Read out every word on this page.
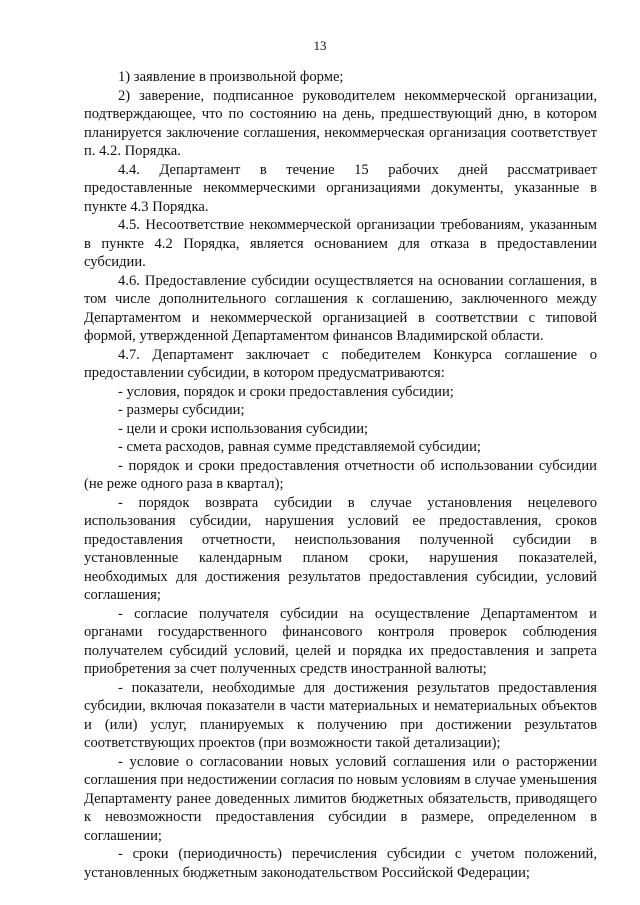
13

1) заявление в произвольной форме;

2) заверение, подписанное руководителем некоммерческой организации, подтверждающее, что по состоянию на день, предшествующий дню, в котором планируется заключение соглашения, некоммерческая организация соответствует п. 4.2. Порядка.

4.4. Департамент в течение 15 рабочих дней рассматривает предоставленные некоммерческими организациями документы, указанные в пункте 4.3 Порядка.

4.5. Несоответствие некоммерческой организации требованиям, указанным в пункте 4.2 Порядка, является основанием для отказа в предоставлении субсидии.

4.6. Предоставление субсидии осуществляется на основании соглашения, в том числе дополнительного соглашения к соглашению, заключенного между Департаментом и некоммерческой организацией в соответствии с типовой формой, утвержденной Департаментом финансов Владимирской области.

4.7. Департамент заключает с победителем Конкурса соглашение о предоставлении субсидии, в котором предусматриваются:

- условия, порядок и сроки предоставления субсидии;

- размеры субсидии;

- цели и сроки использования субсидии;

- смета расходов, равная сумме представляемой субсидии;

- порядок и сроки предоставления отчетности об использовании субсидии (не реже одного раза в квартал);

- порядок возврата субсидии в случае установления нецелевого использования субсидии, нарушения условий ее предоставления, сроков предоставления отчетности, неиспользования полученной субсидии в установленные календарным планом сроки, нарушения показателей, необходимых для достижения результатов предоставления субсидии, условий соглашения;

- согласие получателя субсидии на осуществление Департаментом и органами государственного финансового контроля проверок соблюдения получателем субсидий условий, целей и порядка их предоставления и запрета приобретения за счет полученных средств иностранной валюты;

- показатели, необходимые для достижения результатов предоставления субсидии, включая показатели в части материальных и нематериальных объектов и (или) услуг, планируемых к получению при достижении результатов соответствующих проектов (при возможности такой детализации);

- условие о согласовании новых условий соглашения или о расторжении соглашения при недостижении согласия по новым условиям в случае уменьшения Департаменту ранее доведенных лимитов бюджетных обязательств, приводящего к невозможности предоставления субсидии в размере, определенном в соглашении;

- сроки (периодичность) перечисления субсидии с учетом положений, установленных бюджетным законодательством Российской Федерации;
